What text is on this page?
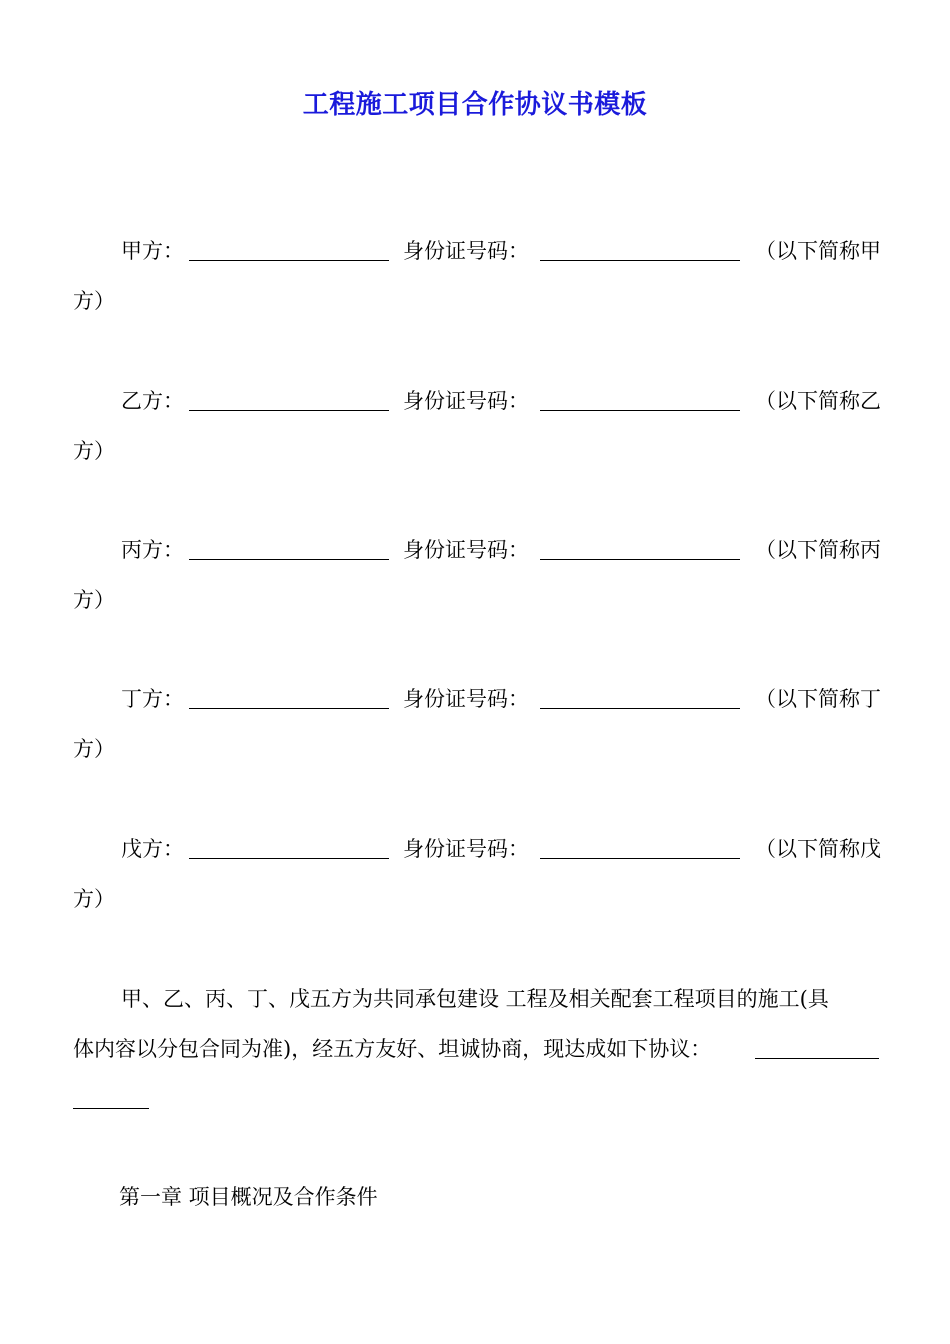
工程施工项目合作协议书模板
甲方：	身份证号码：	（以下简称甲
方）
乙方：	身份证号码：	（以下简称乙
方）
丙方：	身份证号码：	（以下简称丙
方）
丁方：	身份证号码：	（以下简称丁
方）
戊方：	身份证号码：	（以下简称戊
方）
甲、乙、丙、丁、戊五方为共同承包建设 工程及相关配套工程项目的施工(具
体内容以分包合同为准)，经五方友好、坦诚协商，现达成如下协议：
第一章 项目概况及合作条件
